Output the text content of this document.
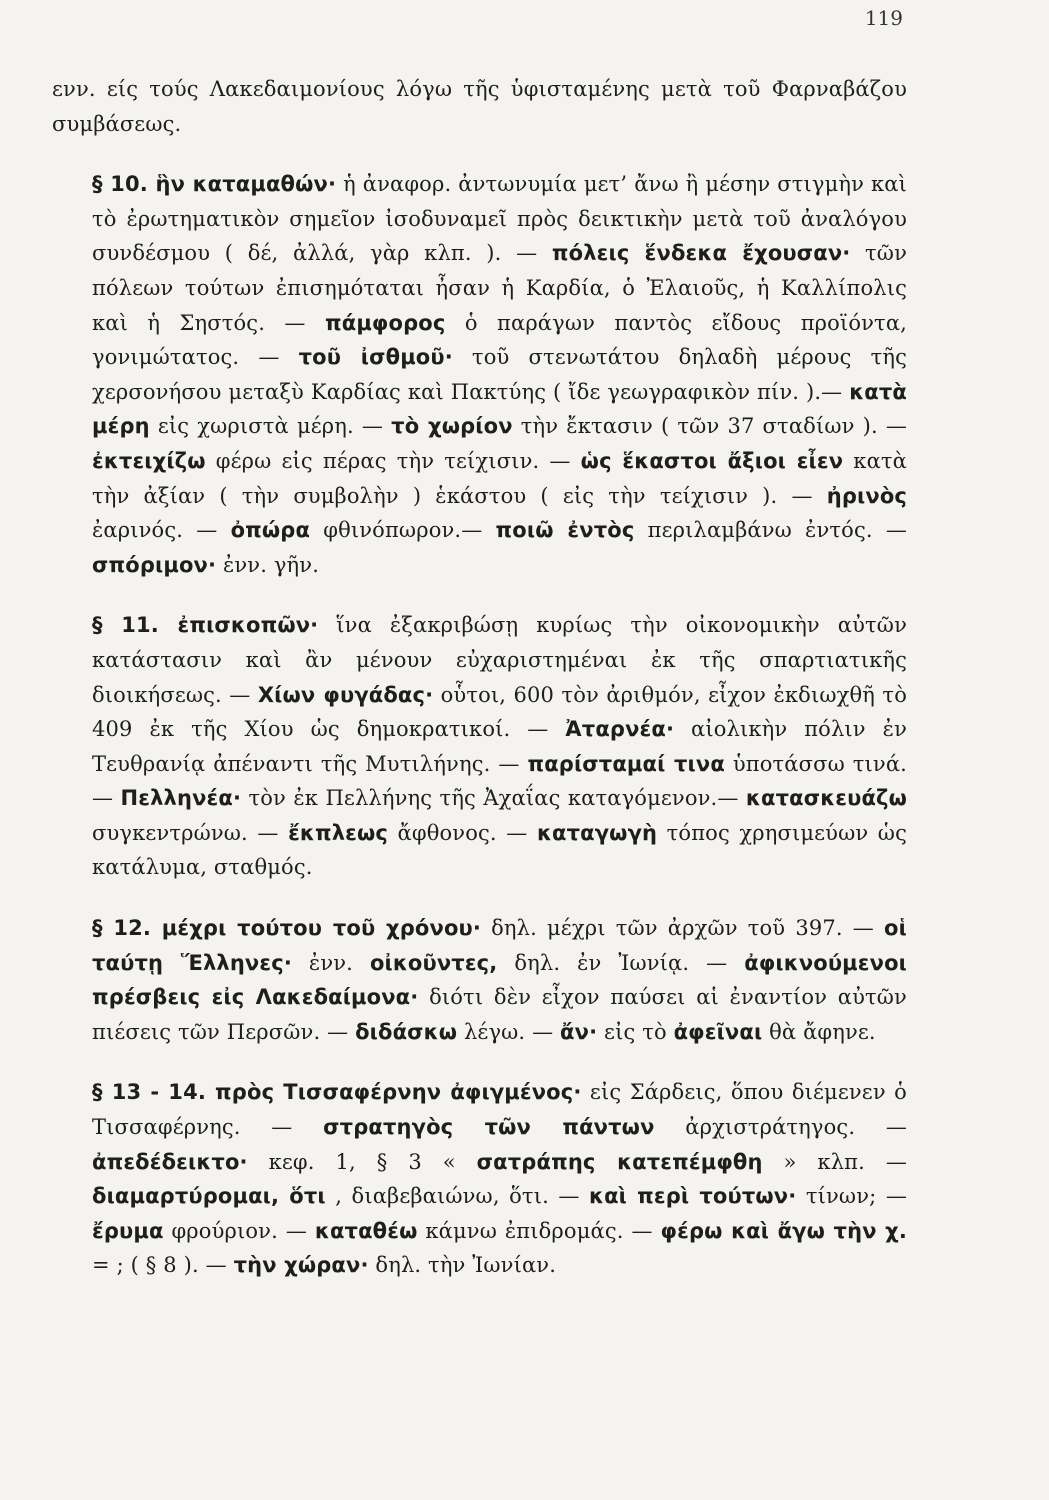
119

ενν. είς τούς Λακεδαιμονίους λόγω τῆς ὑφισταμένης μετὰ τοῦ Φαρναβάζου συμβάσεως.

§ 10. ἣν καταμαθών· ἡ ἀναφορ. ἀντωνυμία μετ’ ἄνω ἢ μέσην στιγμὴν καὶ τὸ ἐρωτηματικὸν σημεῖον ἰσοδυναμεῖ πρὸς δεικτικὴν μετὰ τοῦ ἀναλόγου συνδέσμου ( δέ, ἀλλά, γὰρ κλπ. ). — πόλεις ἕνδεκα ἔχουσαν· τῶν πόλεων τούτων ἐπισημόταται ἦσαν ἡ Καρδία, ὁ Ἐλαιοῦς, ἡ Καλλίπολις καὶ ἡ Σηστός. — πάμφορος ὁ παράγων παντὸς εἴδους προϊόντα, γονιμώτατος. — τοῦ ἰσθμοῦ· τοῦ στενωτάτου δηλαδὴ μέρους τῆς χερσονήσου μεταξὺ Καρδίας καὶ Πακτύης ( ἴδε γεωγραφικὸν πίν. ).— κατὰ μέρη εἰς χωριστὰ μέρη. — τὸ χωρίον τὴν ἔκτασιν ( τῶν 37 σταδίων ). — ἐκτειχίζω φέρω εἰς πέρας τὴν τείχισιν. — ὡς ἕκαστοι ἄξιοι εἶεν κατὰ τὴν ἀξίαν ( τὴν συμβολὴν ) ἑκάστου ( εἰς τὴν τείχισιν ). — ἠρινὸς ἐαρινός. — ὀπώρα φθινόπωρον.— ποιῶ ἐντὸς περιλαμβάνω ἐντός. — σπόριμον· ἐνν. γῆν.

§ 11. ἐπισκοπῶν· ἵνα ἐξακριβώσῃ κυρίως τὴν οἰκονομικὴν αὐτῶν κατάστασιν καὶ ἂν μένουν εὐχαριστημέναι ἐκ τῆς σπαρτιατικῆς διοικήσεως. — Χίων φυγάδας· οὗτοι, 600 τὸν ἀριθμόν, εἶχον ἐκδιωχθῆ τὸ 409 ἐκ τῆς Χίου ὡς δημοκρατικοί. — Ἀταρνέα· αἰολικὴν πόλιν ἐν Τευθρανίᾳ ἀπέναντι τῆς Μυτιλήνης. — παρίσταμαί τινα ὑποτάσσω τινά. — Πελληνέα· τὸν ἐκ Πελλήνης τῆς Ἀχαΐας καταγόμενον.— κατασκευάζω συγκεντρώνω. — ἔκπλεως ἄφθονος. — καταγωγὴ τόπος χρησιμεύων ὡς κατάλυμα, σταθμός.

§ 12. μέχρι τούτου τοῦ χρόνου· δηλ. μέχρι τῶν ἀρχῶν τοῦ 397. — οἱ ταύτῃ Ἕλληνες· ἐνν. οἰκοῦντες, δηλ. ἐν Ἰωνίᾳ. — ἀφικνούμενοι πρέσβεις εἰς Λακεδαίμονα· διότι δὲν εἶχον παύσει αἱ ἐναντίον αὐτῶν πιέσεις τῶν Περσῶν. — διδάσκω λέγω. — ἄν· εἰς τὸ ἀφεῖναι θὰ ἄφηνε.

§ 13 - 14. πρὸς Τισσαφέρνην ἀφιγμένος· εἰς Σάρδεις, ὅπου διέμενεν ὁ Τισσαφέρνης. — στρατηγὸς τῶν πάντων ἀρχιστράτηγος. — ἀπεδέδεικτο· κεφ. 1, § 3 « σατράπης κατεπέμφθη » κλπ. — διαμαρτύρομαι, ὅτι , διαβεβαιώνω, ὅτι. — καὶ περὶ τούτων· τίνων; — ἔρυμα φρούριον. — καταθέω κάμνω ἐπιδρομάς. — φέρω καὶ ἄγω τὴν χ. = ; ( § 8 ). — τὴν χώραν· δηλ. τὴν Ἰωνίαν.
